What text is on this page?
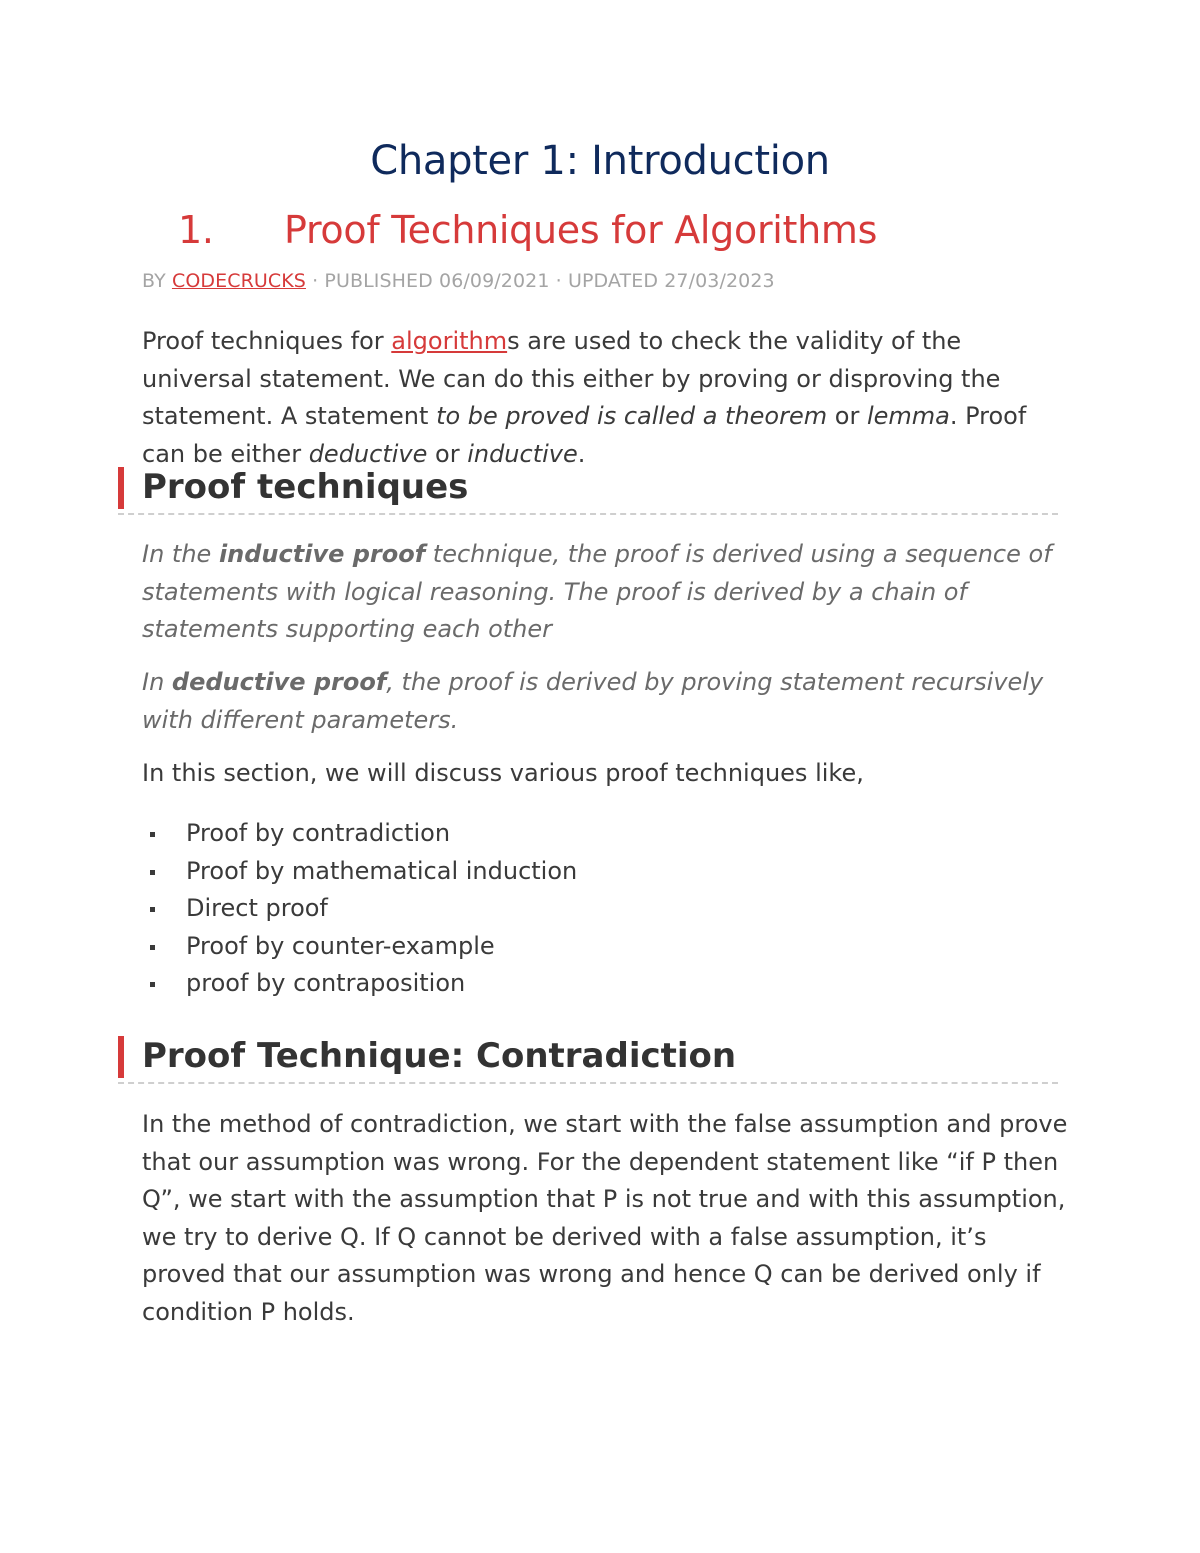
Chapter 1: Introduction
1. Proof Techniques for Algorithms
BY CODECRUCKS · PUBLISHED 06/09/2021 · UPDATED 27/03/2023

Proof techniques for algorithms are used to check the validity of the universal statement. We can do this either by proving or disproving the statement. A statement to be proved is called a theorem or lemma. Proof can be either deductive or inductive.

Proof techniques

In the inductive proof technique, the proof is derived using a sequence of statements with logical reasoning. The proof is derived by a chain of statements supporting each other

In deductive proof, the proof is derived by proving statement recursively with different parameters.

In this section, we will discuss various proof techniques like,

Proof by contradiction
Proof by mathematical induction
Direct proof
Proof by counter-example
proof by contraposition
Proof Technique: Contradiction

In the method of contradiction, we start with the false assumption and prove that our assumption was wrong. For the dependent statement like “if P then Q”, we start with the assumption that P is not true and with this assumption, we try to derive Q. If Q cannot be derived with a false assumption, it’s proved that our assumption was wrong and hence Q can be derived only if condition P holds.
